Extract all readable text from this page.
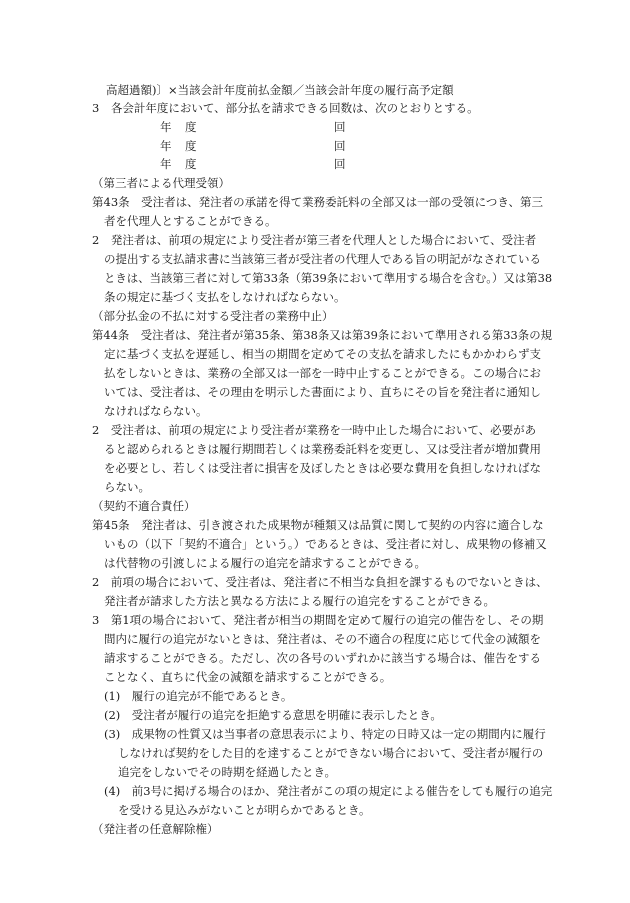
高超過額)〕×当該会計年度前払金額／当該会計年度の履行高予定額
3　各会計年度において、部分払を請求できる回数は、次のとおりとする。
年 度	回
年 度	回
年 度	回
（第三者による代理受領）
第43条　受注者は、発注者の承諾を得て業務委託料の全部又は一部の受領につき、第三
者を代理人とすることができる。
2　発注者は、前項の規定により受注者が第三者を代理人とした場合において、受注者
の提出する支払請求書に当該第三者が受注者の代理人である旨の明記がなされている
ときは、当該第三者に対して第33条（第39条において準用する場合を含む。）又は第38
条の規定に基づく支払をしなければならない。
（部分払金の不払に対する受注者の業務中止）
第44条　受注者は、発注者が第35条、第38条又は第39条において準用される第33条の規
定に基づく支払を遅延し、相当の期間を定めてその支払を請求したにもかかわらず支
払をしないときは、業務の全部又は一部を一時中止することができる。この場合にお
いては、受注者は、その理由を明示した書面により、直ちにその旨を発注者に通知し
なければならない。
2　受注者は、前項の規定により受注者が業務を一時中止した場合において、必要があ
ると認められるときは履行期間若しくは業務委託料を変更し、又は受注者が増加費用
を必要とし、若しくは受注者に損害を及ぼしたときは必要な費用を負担しなければな
らない。
（契約不適合責任）
第45条　発注者は、引き渡された成果物が種類又は品質に関して契約の内容に適合しな
いもの（以下「契約不適合」という。）であるときは、受注者に対し、成果物の修補又
は代替物の引渡しによる履行の追完を請求することができる。
2　前項の場合において、受注者は、発注者に不相当な負担を課するものでないときは、
発注者が請求した方法と異なる方法による履行の追完をすることができる。
3　第1項の場合において、発注者が相当の期間を定めて履行の追完の催告をし、その期
間内に履行の追完がないときは、発注者は、その不適合の程度に応じて代金の減額を
請求することができる。ただし、次の各号のいずれかに該当する場合は、催告をする
ことなく、直ちに代金の減額を請求することができる。
(1)　履行の追完が不能であるとき。
(2)　受注者が履行の追完を拒絶する意思を明確に表示したとき。
(3)　成果物の性質又は当事者の意思表示により、特定の日時又は一定の期間内に履行
しなければ契約をした目的を達することができない場合において、受注者が履行の
追完をしないでその時期を経過したとき。
(4)　前3号に掲げる場合のほか、発注者がこの項の規定による催告をしても履行の追完
を受ける見込みがないことが明らかであるとき。
（発注者の任意解除権）
